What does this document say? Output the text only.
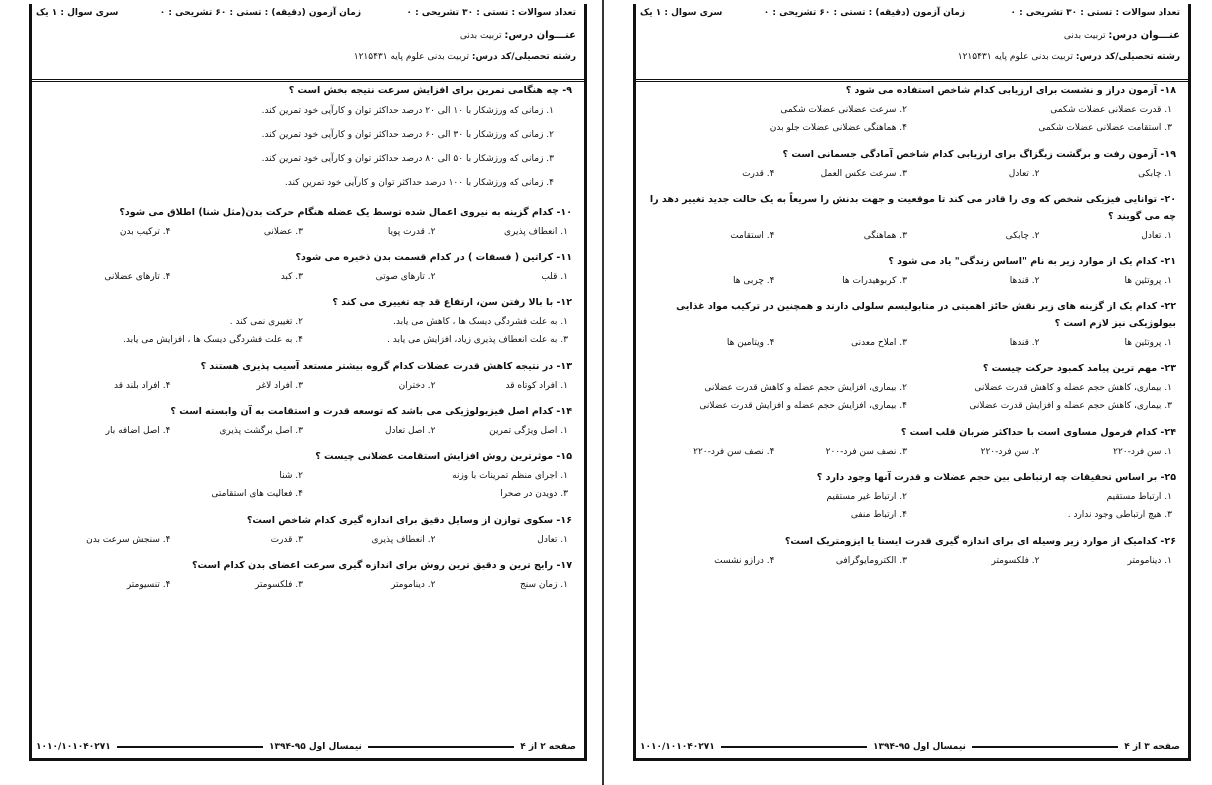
تعداد سوالات : تستی : ۳۰ تشریحی : ۰
زمان آزمون (دقیقه) : تستی : ۶۰ تشریحی : ۰
سری سوال : ۱ یک
عنـــوان درس: تربیت بدنی
رشته تحصیلی/کد درس: تربیت بدنی علوم پایه ۱۲۱۵۴۳۱
۹- چه هنگامی تمرین برای افزایش سرعت نتیجه بخش است ؟
۱. زمانی که ورزشکار با ۱۰ الی ۲۰ درصد حداکثر توان و کارآیی خود تمرین کند.
۲. زمانی که ورزشکار با ۳۰ الی ۶۰ درصد حداکثر توان و کارآیی خود تمرین کند.
۳. زمانی که ورزشکار با ۵۰ الی ۸۰ درصد حداکثر توان و کارآیی خود تمرین کند.
۴. زمانی که ورزشکار با ۱۰۰ درصد حداکثر توان و کارآیی خود تمرین کند.
۱۰- کدام گزینه به نیروی اعمال شده توسط یک عضله هنگام حرکت بدن(مثل شنا) اطلاق می شود؟
۱. انعطاف پذیری
۲. قدرت پویا
۳. عضلانی
۴. ترکیب بدن
۱۱- کراتین ( فسفات ) در کدام قسمت بدن ذخیره می شود؟
۱. قلب
۲. تارهای صوتی
۳. کبد
۴. تارهای عضلانی
۱۲- با بالا رفتن سن، ارتفاع قد چه تغییری می کند ؟
۱. به علت فشردگی دیسک ها ، کاهش می یابد.
۲. تغییری نمی کند .
۳. به علت انعطاف پذیری زیاد، افزایش می یابد .
۴. به علت فشردگی دیسک ها ، افزایش می یابد.
۱۳- در نتیجه کاهش قدرت عضلات کدام گروه بیشتر مستعد آسیب پذیری هستند ؟
۱. افراد کوتاه قد
۲. دختران
۳. افراد لاغر
۴. افراد بلند قد
۱۴- کدام اصل فیزیولوژیکی می باشد که توسعه قدرت و استقامت به آن وابسته است ؟
۱. اصل ویژگی تمرین
۲. اصل تعادل
۳. اصل برگشت پذیری
۴. اصل اضافه بار
۱۵- موثرترین روش افزایش استقامت عضلانی چیست ؟
۱. اجرای منظم تمرینات با وزنه
۲. شنا
۳. دویدن در صحرا
۴. فعالیت های استقامتی
۱۶- سکوی توازن از وسایل دقیق برای اندازه گیری کدام شاخص است؟
۱. تعادل
۲. انعطاف پذیری
۳. قدرت
۴. سنجش سرعت بدن
۱۷- رایج ترین و دقیق ترین روش برای اندازه گیری سرعت اعضای بدن کدام است؟
۱. زمان سنج
۲. دینامومتر
۳. فلکسومتر
۴. تنسیومتر
صفحه ۲ از ۴
نیمسال اول ۹۵-۱۳۹۴
۱۰۱۰/۱۰۱۰۴۰۲۷۱
تعداد سوالات : تستی : ۳۰ تشریحی : ۰
زمان آزمون (دقیقه) : تستی : ۶۰ تشریحی : ۰
سری سوال : ۱ یک
عنـــوان درس: تربیت بدنی
رشته تحصیلی/کد درس: تربیت بدنی علوم پایه ۱۲۱۵۴۳۱
۱۸- آزمون دراز و نشست برای ارزیابی کدام شاخص استفاده می شود ؟
۱. قدرت عضلانی عضلات شکمی
۲. سرعت عضلانی عضلات شکمی
۳. استقامت عضلانی عضلات شکمی
۴. هماهنگی عضلانی عضلات جلو بدن
۱۹- آزمون رفت و برگشت زیگزاگ برای ارزیابی کدام شاخص آمادگی جسمانی است ؟
۱. چابکی
۲. تعادل
۳. سرعت عکس العمل
۴. قدرت
۲۰- توانایی فیزیکی شخص که وی را قادر می کند تا موقعیت و جهت بدنش را سریعاً به یک حالت جدید تغییر دهد را چه می گویند ؟
۱. تعادل
۲. چابکی
۳. هماهنگی
۴. استقامت
۲۱- کدام یک از موارد زیر به نام "اساس زندگی" یاد می شود ؟
۱. پروتئین ها
۲. قندها
۳. کربوهیدرات ها
۴. چربی ها
۲۲- کدام یک از گزینه های زیر نقش حائز اهمیتی در متابولیسم سلولی دارند و همچنین در ترکیب مواد غذایی بیولوژیکی نیز لازم است ؟
۱. پروتئین ها
۲. قندها
۳. املاح معدنی
۴. ویتامین ها
۲۳- مهم ترین پیامد کمبود حرکت چیست ؟
۱. بیماری، کاهش حجم عضله و کاهش قدرت عضلانی
۲. بیماری، افزایش حجم عضله و کاهش قدرت عضلانی
۳. بیماری، کاهش حجم عضله و افزایش قدرت عضلانی
۴. بیماری، افزایش حجم عضله و افزایش قدرت عضلانی
۲۴- کدام فرمول مساوی است با حداکثر ضربان قلب است ؟
۱. سن فرد-۲۲۰
۲. سن فرد-۲۲۰
۳. نصف سن فرد-۲۰۰
۴. نصف سن فرد-۲۲۰
۲۵- بر اساس تحقیقات چه ارتباطی بین حجم عضلات و قدرت آنها وجود دارد ؟
۱. ارتباط مستقیم
۲. ارتباط غیر مستقیم
۳. هیچ ارتباطی وجود ندارد .
۴. ارتباط منفی
۲۶- کدامیک از موارد زیر وسیله ای برای اندازه گیری قدرت ایستا یا ایزومتریک است؟
۱. دینامومتر
۲. فلکسومتر
۳. الکترومایوگرافی
۴. درازو نشست
صفحه ۳ از ۴
نیمسال اول ۹۵-۱۳۹۴
۱۰۱۰/۱۰۱۰۴۰۲۷۱
